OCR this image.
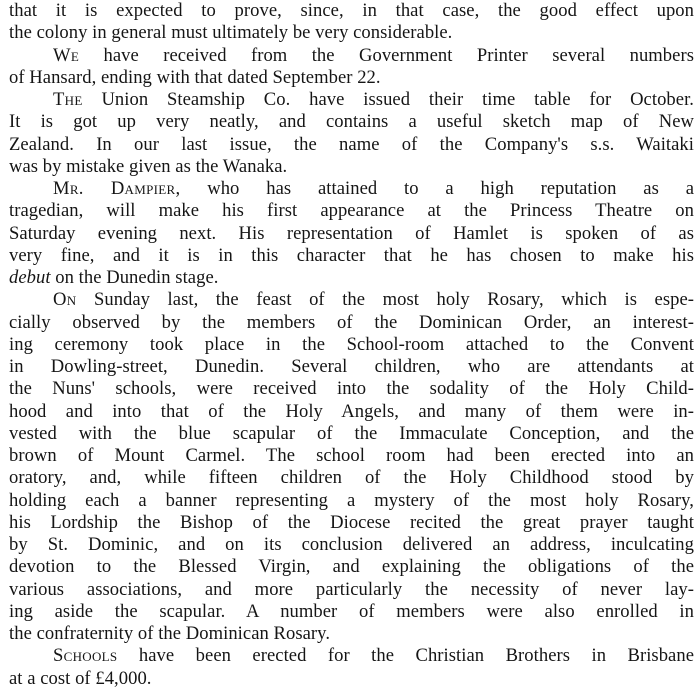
that it is expected to prove, since, in that case, the good effect upon
the colony in general must ultimately be very considerable.

We have received from the Government Printer several numbers
of Hansard, ending with that dated September 22.

The Union Steamship Co. have issued their time table for October.
It is got up very neatly, and contains a useful sketch map of New
Zealand. In our last issue, the name of the Company's s.s. Waitaki
was by mistake given as the Wanaka.

Mr. Dampier, who has attained to a high reputation as a
tragedian, will make his first appearance at the Princess Theatre on
Saturday evening next. His representation of Hamlet is spoken of as
very fine, and it is in this character that he has chosen to make his
debut on the Dunedin stage.

On Sunday last, the feast of the most holy Rosary, which is espe-
cially observed by the members of the Dominican Order, an interest-
ing ceremony took place in the School-room attached to the Convent
in Dowling-street, Dunedin. Several children, who are attendants at
the Nuns' schools, were received into the sodality of the Holy Child-
hood and into that of the Holy Angels, and many of them were in-
vested with the blue scapular of the Immaculate Conception, and the
brown of Mount Carmel. The school room had been erected into an
oratory, and, while fifteen children of the Holy Childhood stood by
holding each a banner representing a mystery of the most holy Rosary,
his Lordship the Bishop of the Diocese recited the great prayer taught
by St. Dominic, and on its conclusion delivered an address, inculcating
devotion to the Blessed Virgin, and explaining the obligations of the
various associations, and more particularly the necessity of never lay-
ing aside the scapular. A number of members were also enrolled in
the confraternity of the Dominican Rosary.

Schools have been erected for the Christian Brothers in Brisbane
at a cost of £4,000.
